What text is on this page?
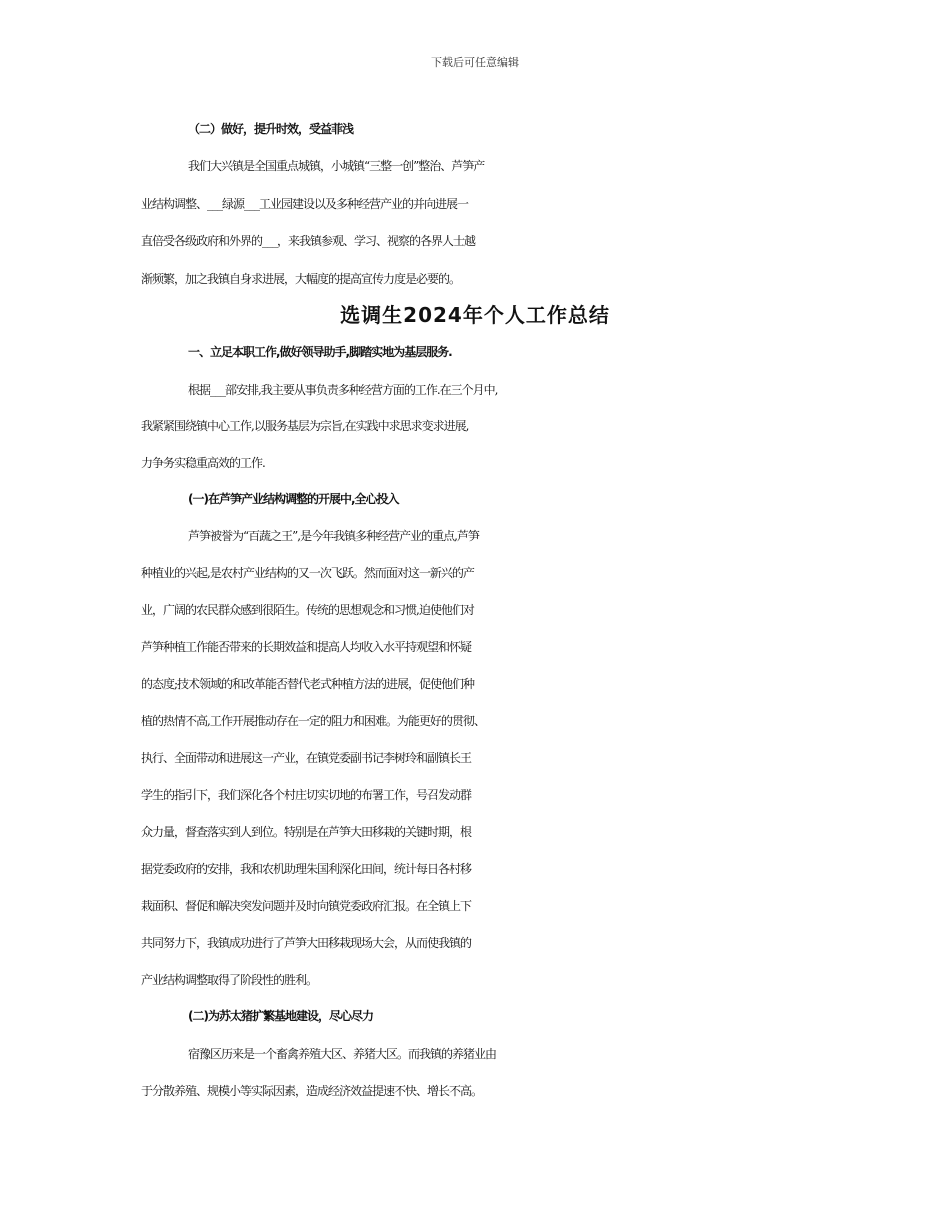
下载后可任意编辑
（二）做好，提升时效，受益菲浅
我们大兴镇是全国重点城镇，小城镇“三整一创”整治、芦笋产
业结构调整、___绿源___工业园建设以及多种经营产业的并向进展一
直倍受各级政府和外界的___，来我镇参观、学习、视察的各界人士越
渐频繁，加之我镇自身求进展，大幅度的提高宣传力度是必要的。
选调生2024年个人工作总结
一、立足本职工作,做好领导助手,脚踏实地为基层服务.
根据___部安排,我主要从事负责多种经营方面的工作.在三个月中,
我紧紧围绕镇中心工作,以服务基层为宗旨,在实践中求思求变求进展,
力争务实稳重高效的工作.
(一)在芦笋产业结构调整的开展中,全心投入
芦笋被誉为“百蔬之王”,是今年我镇多种经营产业的重点,芦笋
种植业的兴起,是农村产业结构的又一次飞跃。然而面对这一新兴的产
业，广阔的农民群众感到很陌生。传统的思想观念和习惯,迫使他们对
芦笋种植工作能否带来的长期效益和提高人均收入水平持观望和怀疑
的态度;技术领域的和改革能否替代老式种植方法的进展，促使他们种
植的热情不高,工作开展推动存在一定的阻力和困难。为能更好的贯彻、
执行、全面带动和进展这一产业，在镇党委副书记李树玲和副镇长王
学生的指引下，我们深化各个村庄切实切地的布署工作，号召发动群
众力量，督查落实到人到位。特别是在芦笋大田移栽的关键时期，根
据党委政府的安排，我和农机助理朱国利深化田间，统计每日各村移
栽面积、督促和解决突发问题并及时向镇党委政府汇报。在全镇上下
共同努力下，我镇成功进行了芦笋大田移栽现场大会，从而使我镇的
产业结构调整取得了阶段性的胜利。
(二)为苏太猪扩繁基地建设，尽心尽力
宿豫区历来是一个畜禽养殖大区、养猪大区。而我镇的养猪业由
于分散养殖、规模小等实际因素，造成经济效益提速不快、增长不高。
